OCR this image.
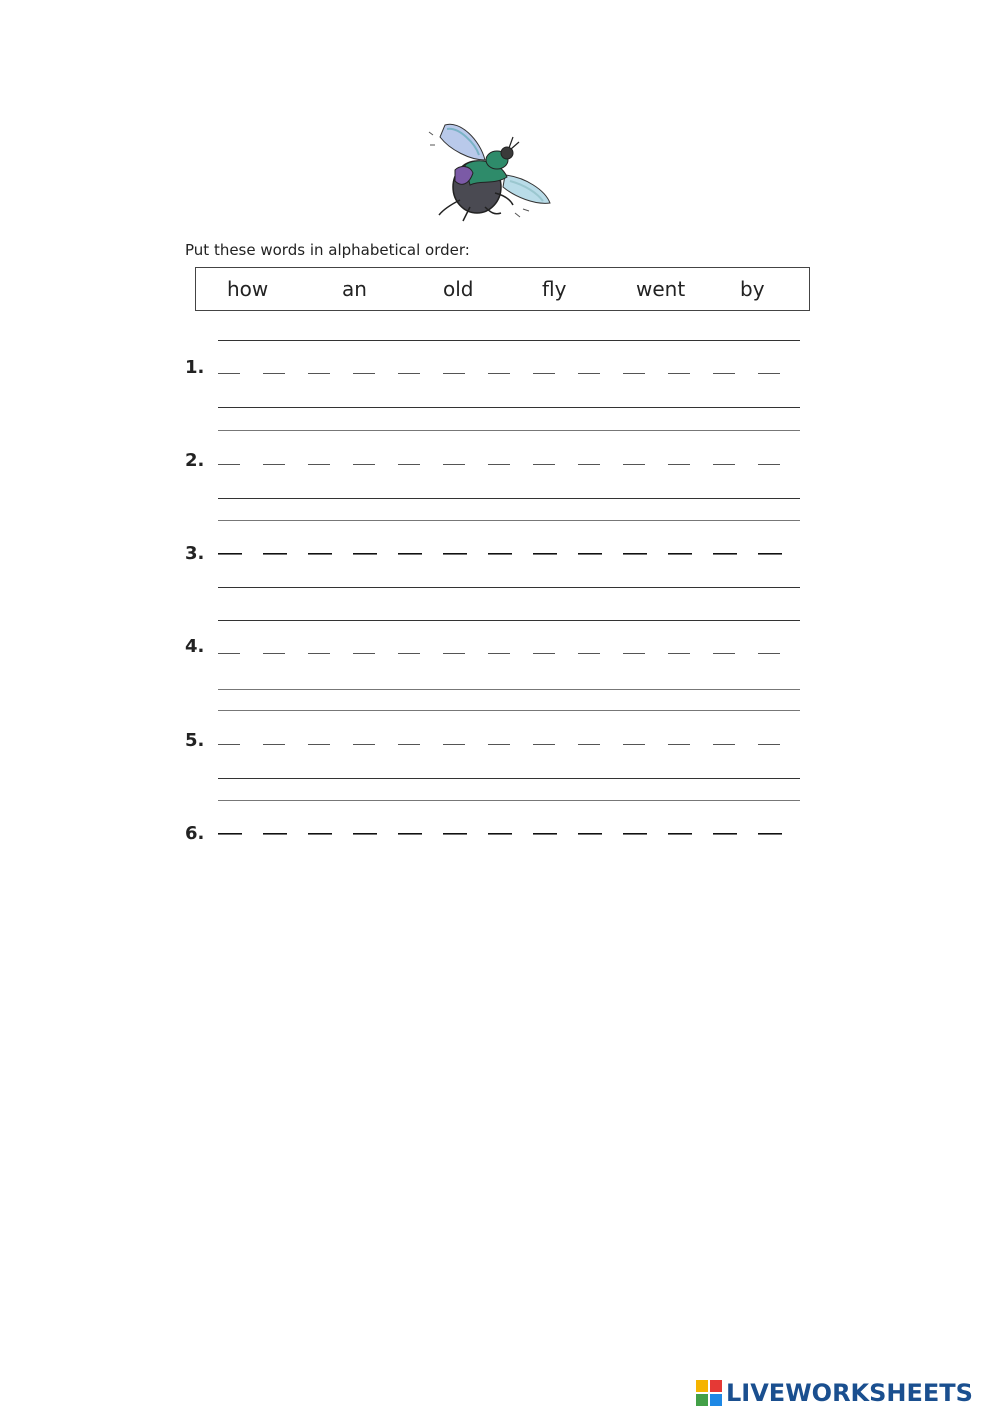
Put these words in alphabetical order:
how	an	old	fly	went	by
1.
2.
3.
4.
5.
6.
LIVEWORKSHEETS
